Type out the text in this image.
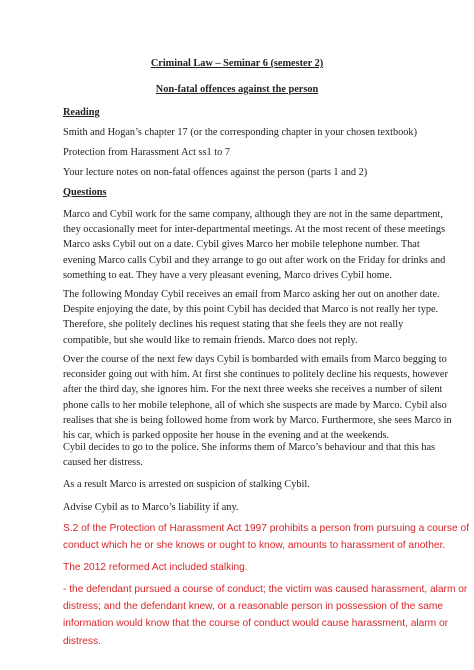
Criminal Law – Seminar 6 (semester 2)

Non-fatal offences against the person

Reading

Smith and Hogan’s chapter 17 (or the corresponding chapter in your chosen textbook)

Protection from Harassment Act ss1 to 7

Your lecture notes on non-fatal offences against the person (parts 1 and 2)

Questions

Marco and Cybil work for the same company, although they are not in the same department,
they occasionally meet for inter-departmental meetings. At the most recent of these meetings
Marco asks Cybil out on a date. Cybil gives Marco her mobile telephone number. That
evening Marco calls Cybil and they arrange to go out after work on the Friday for drinks and
something to eat. They have a very pleasant evening, Marco drives Cybil home.
The following Monday Cybil receives an email from Marco asking her out on another date.
Despite enjoying the date, by this point Cybil has decided that Marco is not really her type.
Therefore, she politely declines his request stating that she feels they are not really
compatible, but she would like to remain friends. Marco does not reply.
Over the course of the next few days Cybil is bombarded with emails from Marco begging to
reconsider going out with him. At first she continues to politely decline his requests, however
after the third day, she ignores him. For the next three weeks she receives a number of silent
phone calls to her mobile telephone, all of which she suspects are made by Marco. Cybil also
realises that she is being followed home from work by Marco. Furthermore, she sees Marco in
his car, which is parked opposite her house in the evening and at the weekends.
Cybil decides to go to the police. She informs them of Marco’s behaviour and that this has
caused her distress.

As a result Marco is arrested on suspicion of stalking Cybil.

Advise Cybil as to Marco’s liability if any.

S.2 of the Protection of Harassment Act 1997 prohibits a person from pursuing a course of
conduct which he or she knows or ought to know, amounts to harassment of another.

The 2012 reformed Act included stalking.

- the defendant pursued a course of conduct; the victim was caused harassment, alarm or
distress; and the defendant knew, or a reasonable person in possession of the same
information would know that the course of conduct would cause harassment, alarm or
distress.
